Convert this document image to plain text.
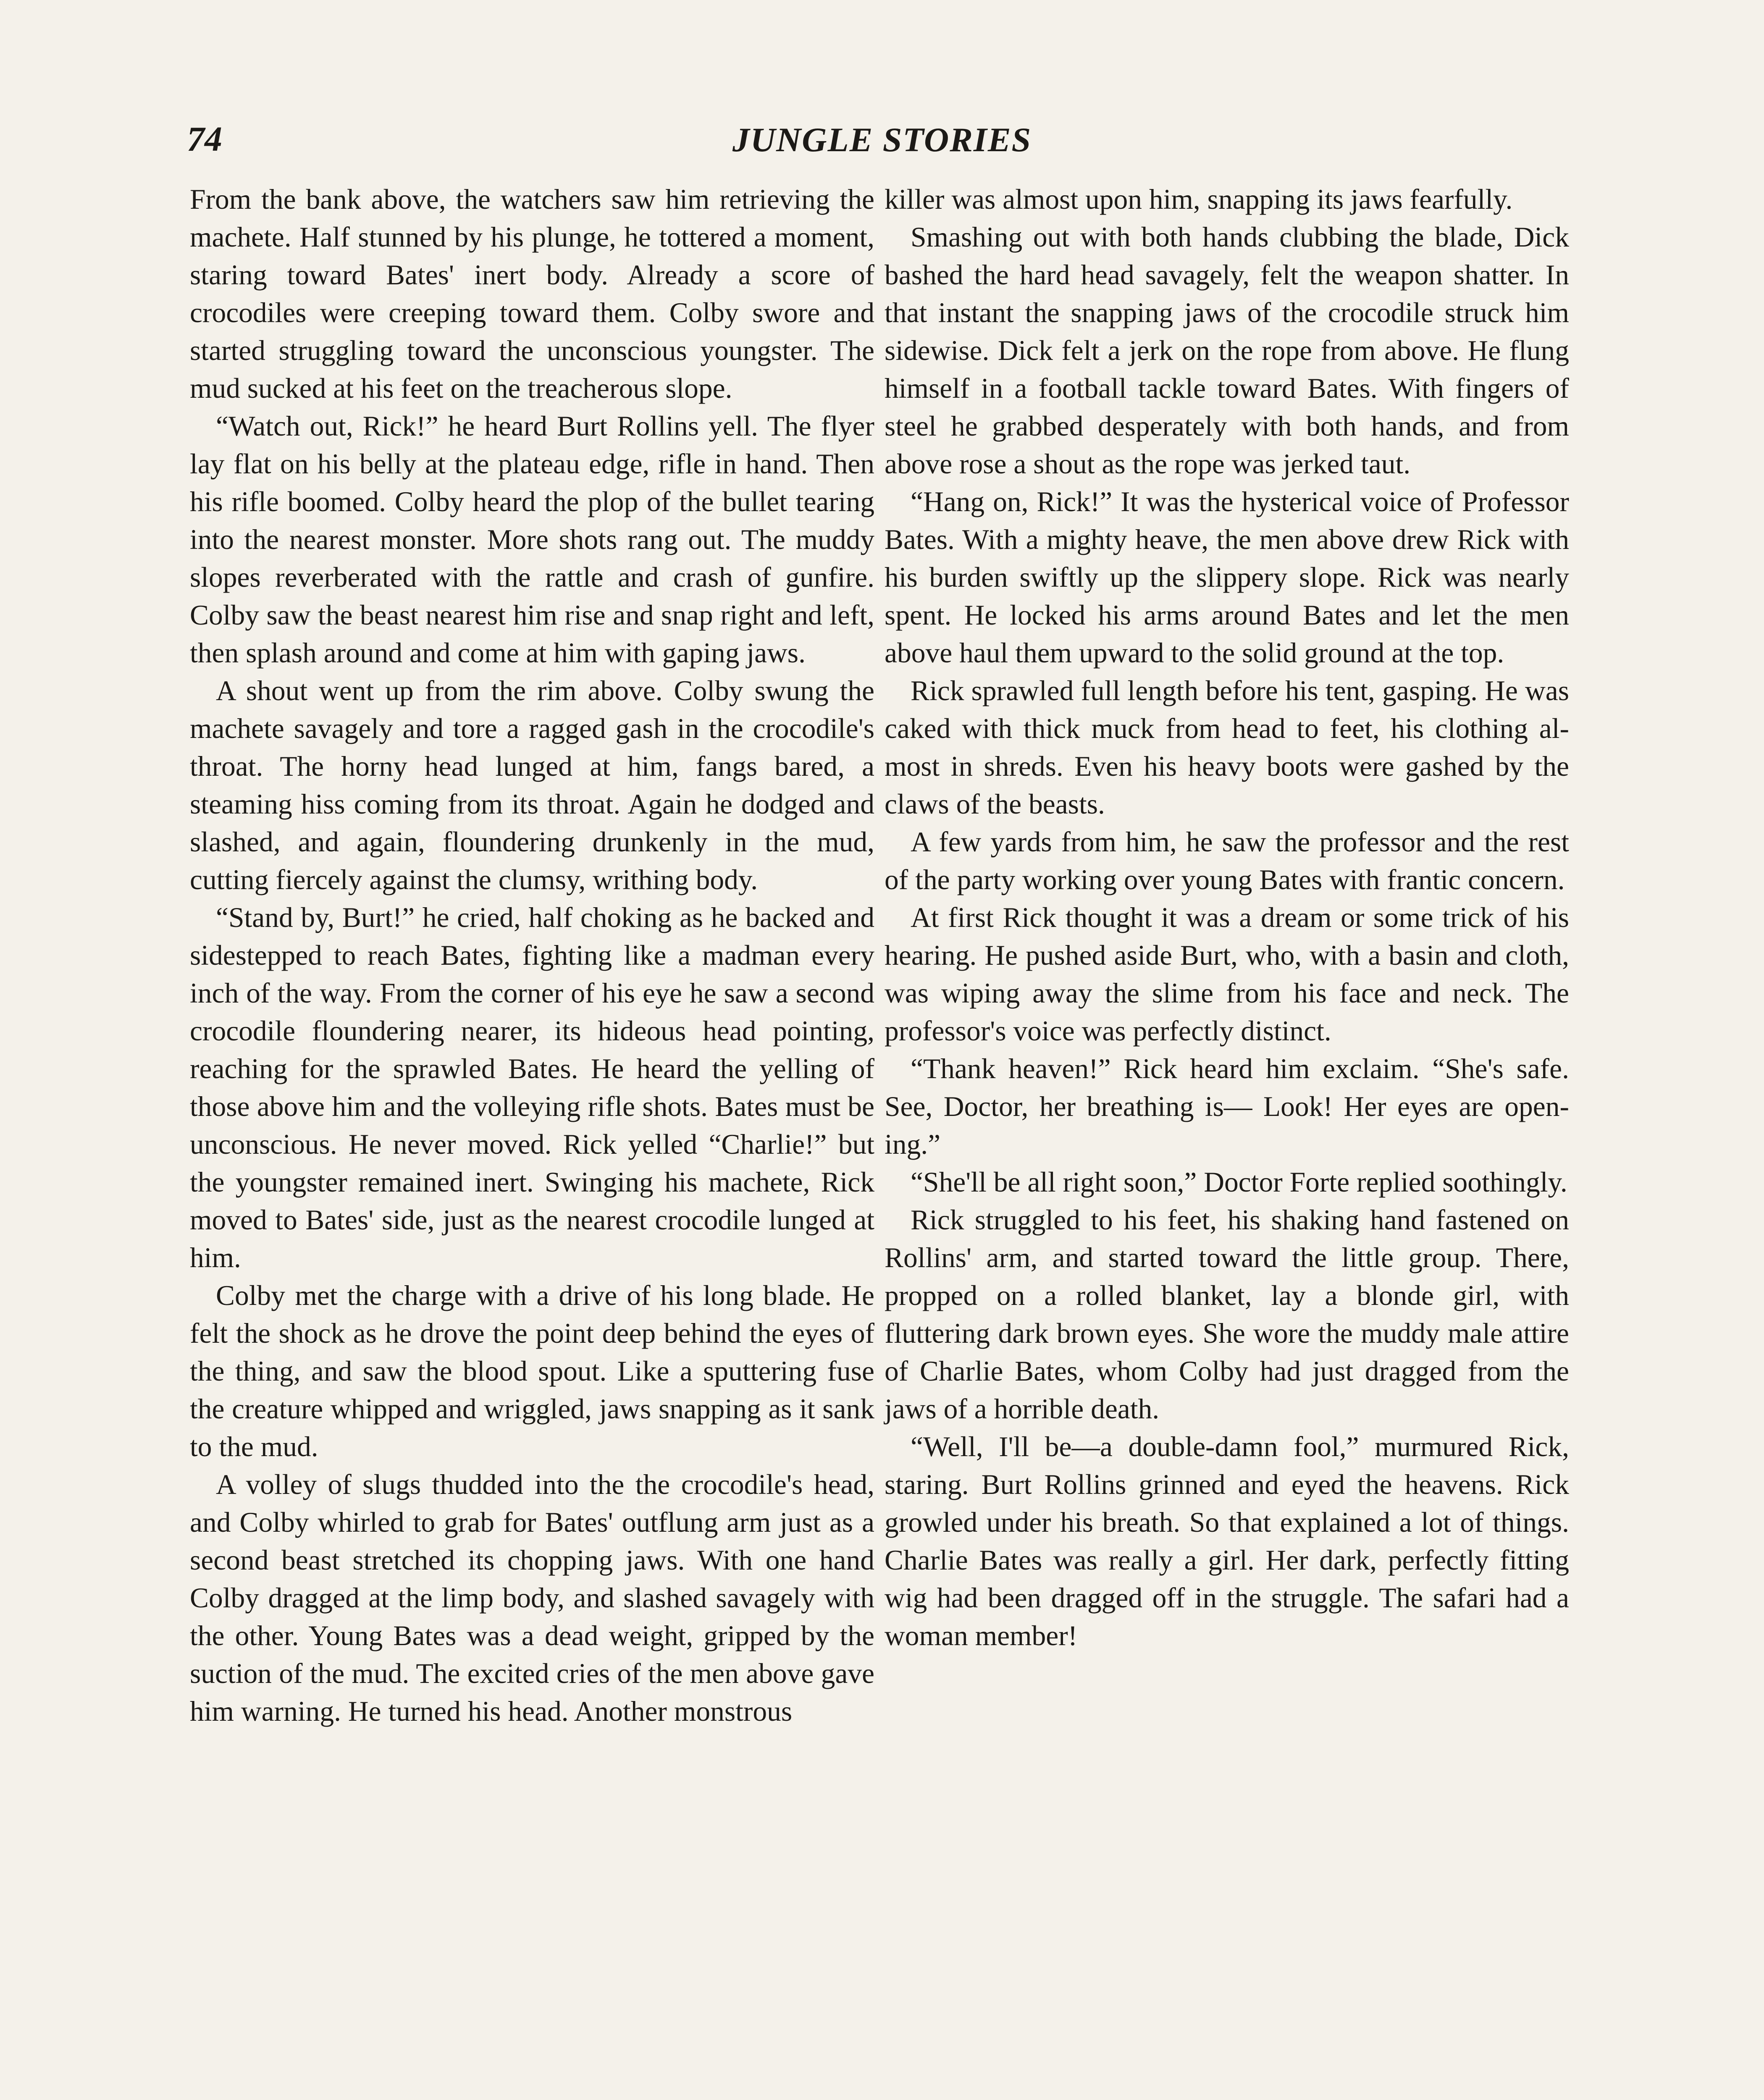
74	JUNGLE STORIES

From the bank above, the watchers saw him retrieving the machete. Half stunned by his plunge, he tottered a moment, staring toward Bates' inert body. Already a score of crocodiles were creeping toward them. Colby swore and started struggling toward the unconscious youngster. The mud sucked at his feet on the treacherous slope.

“Watch out, Rick!” he heard Burt Rollins yell. The flyer lay flat on his belly at the plateau edge, rifle in hand. Then his rifle boomed. Colby heard the plop of the bullet tearing into the nearest monster. More shots rang out. The muddy slopes reverberated with the rattle and crash of gunfire. Colby saw the beast nearest him rise and snap right and left, then splash around and come at him with gaping jaws.

A shout went up from the rim above. Colby swung the machete savagely and tore a ragged gash in the crocodile's throat. The horny head lunged at him, fangs bared, a steaming hiss coming from its throat. Again he dodged and slashed, and again, floundering drunkenly in the mud, cutting fiercely against the clumsy, writhing body.

“Stand by, Burt!” he cried, half choking as he backed and sidestepped to reach Bates, fighting like a madman every inch of the way. From the corner of his eye he saw a second crocodile floundering nearer, its hideous head pointing, reaching for the sprawled Bates. He heard the yelling of those above him and the volleying rifle shots. Bates must be unconscious. He never moved. Rick yelled “Charlie!” but the youngster remained inert. Swinging his machete, Rick moved to Bates' side, just as the nearest crocodile lunged at him.

Colby met the charge with a drive of his long blade. He felt the shock as he drove the point deep behind the eyes of the thing, and saw the blood spout. Like a sputtering fuse the creature whipped and wriggled, jaws snapping as it sank to the mud.

A volley of slugs thudded into the the crocodile's head, and Colby whirled to grab for Bates' outflung arm just as a second beast stretched its chopping jaws. With one hand Colby dragged at the limp body, and slashed savagely with the other. Young Bates was a dead weight, gripped by the suction of the mud. The excited cries of the men above gave him warning. He turned his head. Another monstrous

killer was almost upon him, snapping its jaws fearfully.

Smashing out with both hands clubbing the blade, Dick bashed the hard head savagely, felt the weapon shatter. In that instant the snapping jaws of the crocodile struck him sidewise. Dick felt a jerk on the rope from above. He flung himself in a football tackle toward Bates. With fingers of steel he grabbed desperately with both hands, and from above rose a shout as the rope was jerked taut.

“Hang on, Rick!” It was the hysterical voice of Professor Bates. With a mighty heave, the men above drew Rick with his burden swiftly up the slippery slope. Rick was nearly spent. He locked his arms around Bates and let the men above haul them upward to the solid ground at the top.

Rick sprawled full length before his tent, gasping. He was caked with thick muck from head to feet, his clothing almost in shreds. Even his heavy boots were gashed by the claws of the beasts.

A few yards from him, he saw the professor and the rest of the party working over young Bates with frantic concern.

At first Rick thought it was a dream or some trick of his hearing. He pushed aside Burt, who, with a basin and cloth, was wiping away the slime from his face and neck. The professor's voice was perfectly distinct.

“Thank heaven!” Rick heard him exclaim. “She's safe. See, Doctor, her breathing is— Look! Her eyes are opening.”

“She'll be all right soon,” Doctor Forte replied soothingly.

Rick struggled to his feet, his shaking hand fastened on Rollins' arm, and started toward the little group. There, propped on a rolled blanket, lay a blonde girl, with fluttering dark brown eyes. She wore the muddy male attire of Charlie Bates, whom Colby had just dragged from the jaws of a horrible death.

“Well, I'll be—a double-damn fool,” murmured Rick, staring. Burt Rollins grinned and eyed the heavens. Rick growled under his breath. So that explained a lot of things. Charlie Bates was really a girl. Her dark, perfectly fitting wig had been dragged off in the struggle. The safari had a woman member!
